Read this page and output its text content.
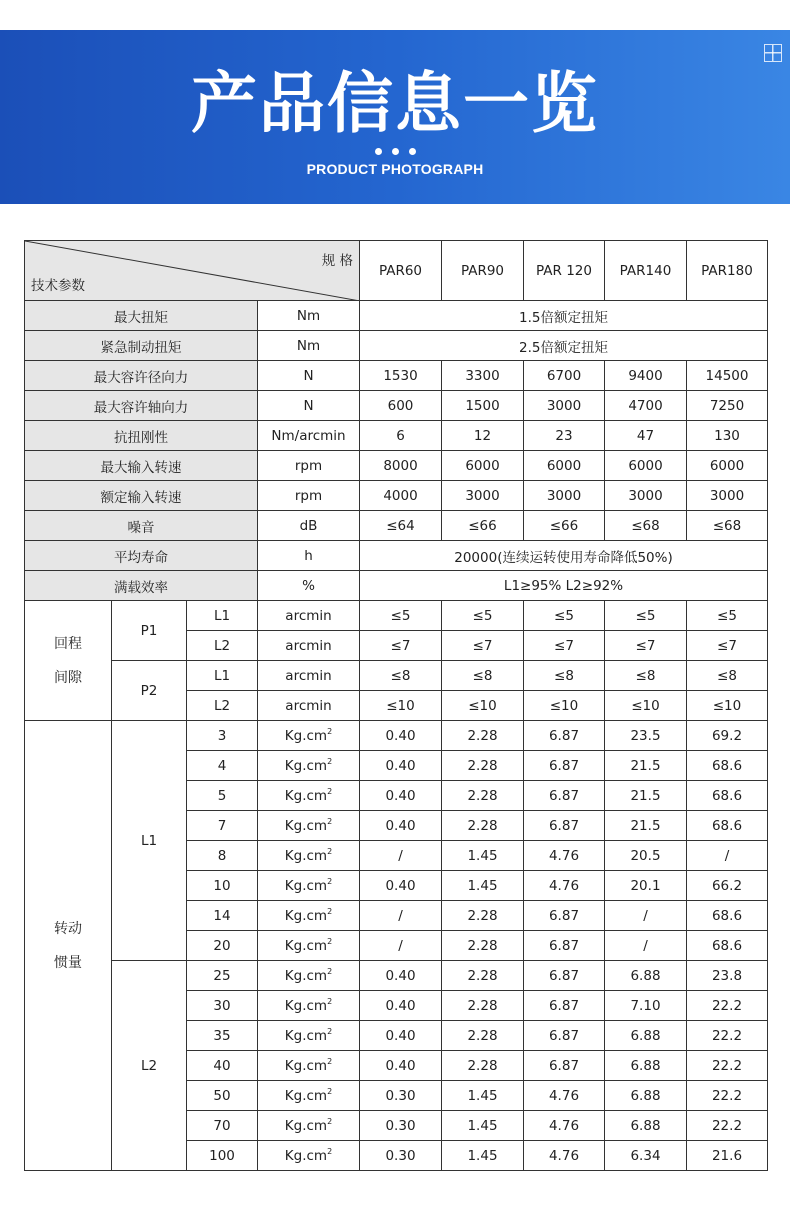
产品信息一览
PRODUCT PHOTOGRAPH
规 格
技术参数				PAR60	PAR90	PAR 120	PAR140	PAR180
最大扭矩			Nm	1.5倍额定扭矩				
紧急制动扭矩			Nm	2.5倍额定扭矩				
最大容许径向力			N	1530	3300	6700	9400	14500
最大容许轴向力			N	600	1500	3000	4700	7250
抗扭刚性			Nm/arcmin	6	12	23	47	130
最大输入转速			rpm	8000	6000	6000	6000	6000
额定输入转速			rpm	4000	3000	3000	3000	3000
噪音			dB	≤64	≤66	≤66	≤68	≤68
平均寿命			h	20000(连续运转使用寿命降低50%)				
满载效率			%	L1≥95% L2≥92%				

回程
间隙	P1	L1	arcmin	≤5	≤5	≤5	≤5	≤5
		L2	arcmin	≤7	≤7	≤7	≤7	≤7
	P2	L1	arcmin	≤8	≤8	≤8	≤8	≤8
		L2	arcmin	≤10	≤10	≤10	≤10	≤10

转动
惯量	L1	3	$Kg.cm^2$	0.40	2.28	6.87	23.5	69.2
		4	$Kg.cm^2$	0.40	2.28	6.87	21.5	68.6
		5	$Kg.cm^2$	0.40	2.28	6.87	21.5	68.6
		7	$Kg.cm^2$	0.40	2.28	6.87	21.5	68.6
		8	$Kg.cm^2$	/	1.45	4.76	20.5	/
		10	$Kg.cm^2$	0.40	1.45	4.76	20.1	66.2
		14	$Kg.cm^2$	/	2.28	6.87	/	68.6
		20	$Kg.cm^2$	/	2.28	6.87	/	68.6
	L2	25	$Kg.cm^2$	0.40	2.28	6.87	6.88	23.8
		30	$Kg.cm^2$	0.40	2.28	6.87	7.10	22.2
		35	$Kg.cm^2$	0.40	2.28	6.87	6.88	22.2
		40	$Kg.cm^2$	0.40	2.28	6.87	6.88	22.2
		50	$Kg.cm^2$	0.30	1.45	4.76	6.88	22.2
		70	$Kg.cm^2$	0.30	1.45	4.76	6.88	22.2
		100	$Kg.cm^2$	0.30	1.45	4.76	6.34	21.6
